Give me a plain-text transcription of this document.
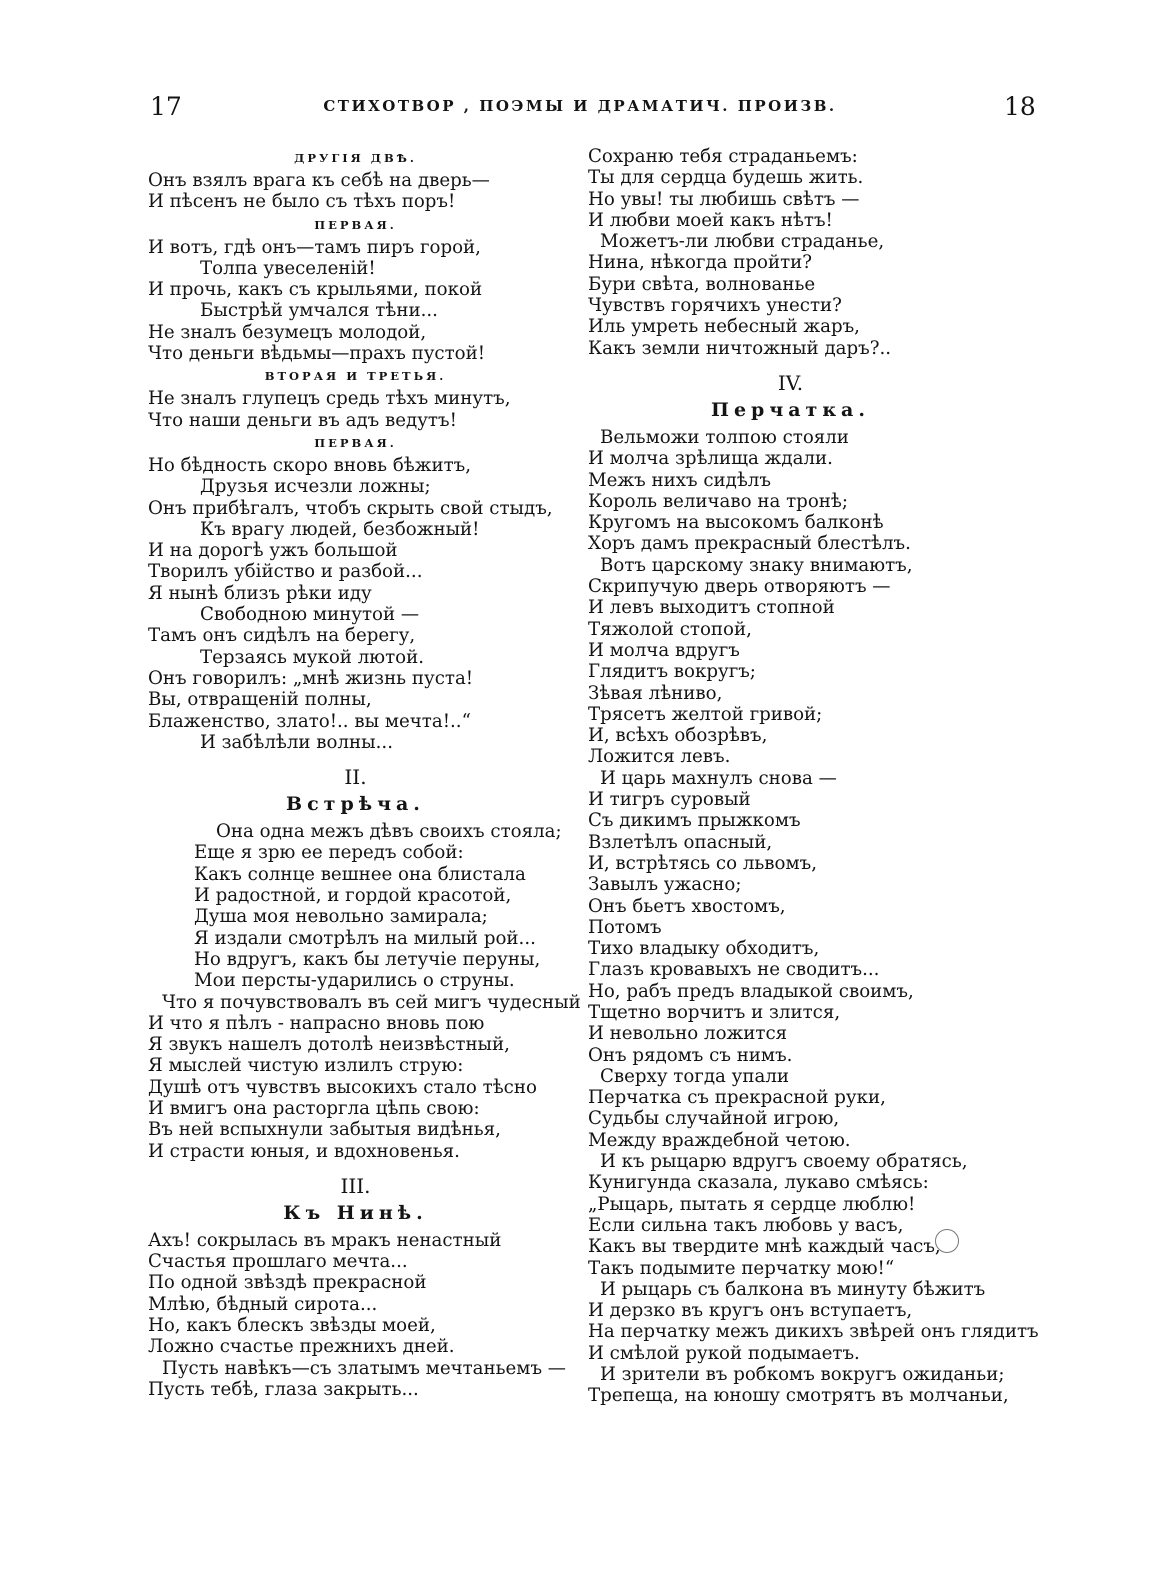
17	СТИХОТВОР , ПОЭМЫ И ДРАМАТИЧ. ПРОИЗВ.	18
ДРУГІЯ ДВѢ.
Онъ взялъ врага къ себѣ на дверь—
И пѣсенъ не было съ тѣхъ поръ!
ПЕРВАЯ.
И вотъ, гдѣ онъ—тамъ пиръ горой,
Толпа увеселеній!
И прочь, какъ съ крыльями, покой
Быстрѣй умчался тѣни...
Не зналъ безумецъ молодой,
Что деньги вѣдьмы—прахъ пустой!
ВТОРАЯ И ТРЕТЬЯ.
Не зналъ глупецъ средь тѣхъ минутъ,
Что наши деньги въ адъ ведутъ!
ПЕРВАЯ.
Но бѣдность скоро вновь бѣжитъ,
Друзья исчезли ложны;
Онъ прибѣгалъ, чтобъ скрыть свой стыдъ,
Къ врагу людей, безбожный!
И на дорогѣ ужъ большой
Творилъ убійство и разбой...
Я нынѣ близъ рѣки иду
Свободною минутой —
Тамъ онъ сидѣлъ на берегу,
Терзаясь мукой лютой.
Онъ говорилъ: „мнѣ жизнь пуста!
Вы, отвращеній полны,
Блаженство, злато!.. вы мечта!..“
И забѣлѣли волны...
II.
Встрѣча.
Она одна межъ дѣвъ своихъ стояла;
Еще я зрю ее передъ собой:
Какъ солнце вешнее она блистала
И радостной, и гордой красотой,
Душа моя невольно замирала;
Я издали смотрѣлъ на милый рой...
Но вдругъ, какъ бы летучіе перуны,
Мои персты-ударились о струны.
Что я почувствовалъ въ сей мигъ чудесный
И что я пѣлъ - напрасно вновь пою
Я звукъ нашелъ дотолѣ неизвѣстный,
Я мыслей чистую излилъ струю:
Душѣ отъ чувствъ высокихъ стало тѣсно
И вмигъ она расторгла цѣпь свою:
Въ ней вспыхнули забытыя видѣнья,
И страсти юныя, и вдохновенья.
III.
Къ Нинѣ.
Ахъ! сокрылась въ мракъ ненастный
Счастья прошлаго мечта...
По одной звѣздѣ прекрасной
Млѣю, бѣдный сирота...
Но, какъ блескъ звѣзды моей,
Ложно счастье прежнихъ дней.
Пусть навѣкъ—съ златымъ мечтаньемъ —
Пусть тебѣ, глаза закрыть...
Сохраню тебя страданьемъ:
Ты для сердца будешь жить.
Но увы! ты любишь свѣтъ —
И любви моей какъ нѣтъ!
Можетъ-ли любви страданье,
Нина, нѣкогда пройти?
Бури свѣта, волнованье
Чувствъ горячихъ унести?
Иль умреть небесный жаръ,
Какъ земли ничтожный даръ?..
IV.
Перчатка.
Вельможи толпою стояли
И молча зрѣлища ждали.
Межъ нихъ сидѣлъ
Король величаво на тронѣ;
Кругомъ на высокомъ балконѣ
Хоръ дамъ прекрасный блестѣлъ.
Вотъ царскому знаку внимаютъ,
Скрипучую дверь отворяютъ —
И левъ выходитъ стопной
Тяжолой стопой,
И молча вдругъ
Глядитъ вокругъ;
Зѣвая лѣниво,
Трясетъ желтой гривой;
И, всѣхъ обозрѣвъ,
Ложится левъ.
И царь махнулъ снова —
И тигръ суровый
Съ дикимъ прыжкомъ
Взлетѣлъ опасный,
И, встрѣтясь со львомъ,
Завылъ ужасно;
Онъ бьетъ хвостомъ,
Потомъ
Тихо владыку обходитъ,
Глазъ кровавыхъ не сводитъ...
Но, рабъ предъ владыкой своимъ,
Тщетно ворчитъ и злится,
И невольно ложится
Онъ рядомъ съ нимъ.
Сверху тогда упали
Перчатка съ прекрасной руки,
Судьбы случайной игрою,
Между враждебной четою.
И къ рыцарю вдругъ своему обратясь,
Кунигунда сказала, лукаво смѣясь:
„Рыцарь, пытать я сердце люблю!
Если сильна такъ любовь у васъ,
Какъ вы твердите мнѣ каждый часъ,
Такъ подымите перчатку мою!“
И рыцарь съ балкона въ минуту бѣжитъ
И дерзко въ кругъ онъ вступаетъ,
На перчатку межъ дикихъ звѣрей онъ глядитъ
И смѣлой рукой подымаетъ.
И зрители въ робкомъ вокругъ ожиданьи;
Трепеща, на юношу смотрятъ въ молчаньи,
